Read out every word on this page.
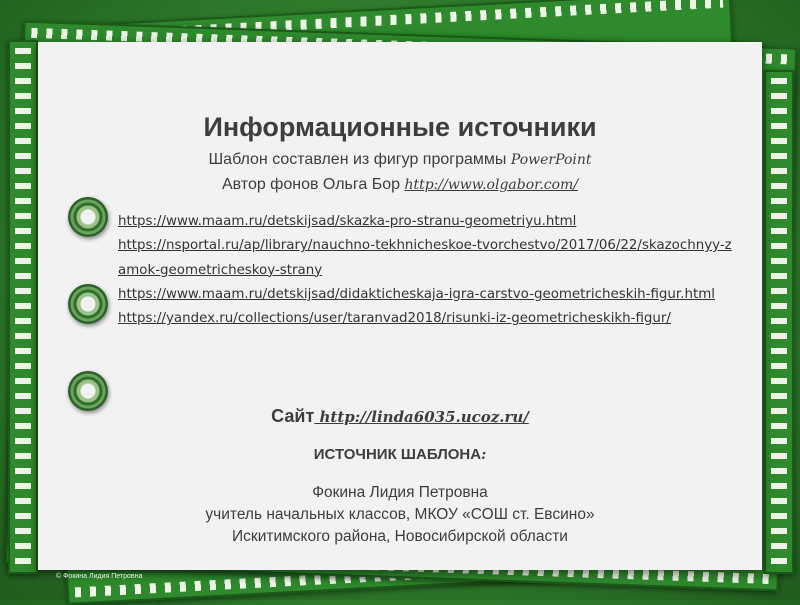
Информационные источники
Шаблон составлен из фигур программы PowerPoint
Автор фонов Ольга Бор http://www.olgabor.com/
https://www.maam.ru/detskijsad/skazka-pro-stranu-geometriyu.html
https://nsportal.ru/ap/library/nauchno-tekhnicheskoe-tvorchestvo/2017/06/22/skazochnyy-zamok-geometricheskoy-strany
https://www.maam.ru/detskijsad/didakticheskaja-igra-carstvo-geometricheskih-figur.html
https://yandex.ru/collections/user/taranvad2018/risunki-iz-geometricheskikh-figur/
Сайт http://linda6035.ucoz.ru/
ИСТОЧНИК ШАБЛОНА:
Фокина Лидия Петровна
учитель начальных классов, МКОУ «СОШ ст. Евсино»
Искитимского района, Новосибирской области
© Фокина Лидия Петровна
